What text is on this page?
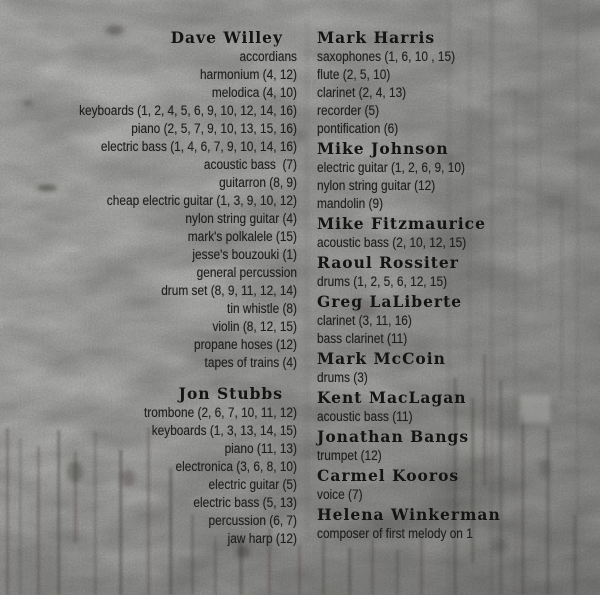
Dave Willey
accordians
harmonium (4, 12)
melodica (4, 10)
keyboards (1, 2, 4, 5, 6, 9, 10, 12, 14, 16)
piano (2, 5, 7, 9, 10, 13, 15, 16)
electric bass (1, 4, 6, 7, 9, 10, 14, 16)
acoustic bass  (7)
guitarron (8, 9)
cheap electric guitar (1, 3, 9, 10, 12)
nylon string guitar (4)
mark's polkalele (15)
jesse's bouzouki (1)
general percussion
drum set (8, 9, 11, 12, 14)
tin whistle (8)
violin (8, 12, 15)
propane hoses (12)
tapes of trains (4)
Jon Stubbs
trombone (2, 6, 7, 10, 11, 12)
keyboards (1, 3, 13, 14, 15)
piano (11, 13)
electronica (3, 6, 8, 10)
electric guitar (5)
electric bass (5, 13)
percussion (6, 7)
jaw harp (12)
Mark Harris
saxophones (1, 6, 10 , 15)
flute (2, 5, 10)
clarinet (2, 4, 13)
recorder (5)
pontification (6)
Mike Johnson
electric guitar (1, 2, 6, 9, 10)
nylon string guitar (12)
mandolin (9)
Mike Fitzmaurice
acoustic bass (2, 10, 12, 15)
Raoul Rossiter
drums (1, 2, 5, 6, 12, 15)
Greg LaLiberte
clarinet (3, 11, 16)
bass clarinet (11)
Mark McCoin
drums (3)
Kent MacLagan
acoustic bass (11)
Jonathan Bangs
trumpet (12)
Carmel Kooros
voice (7)
Helena Winkerman
composer of first melody on 1
